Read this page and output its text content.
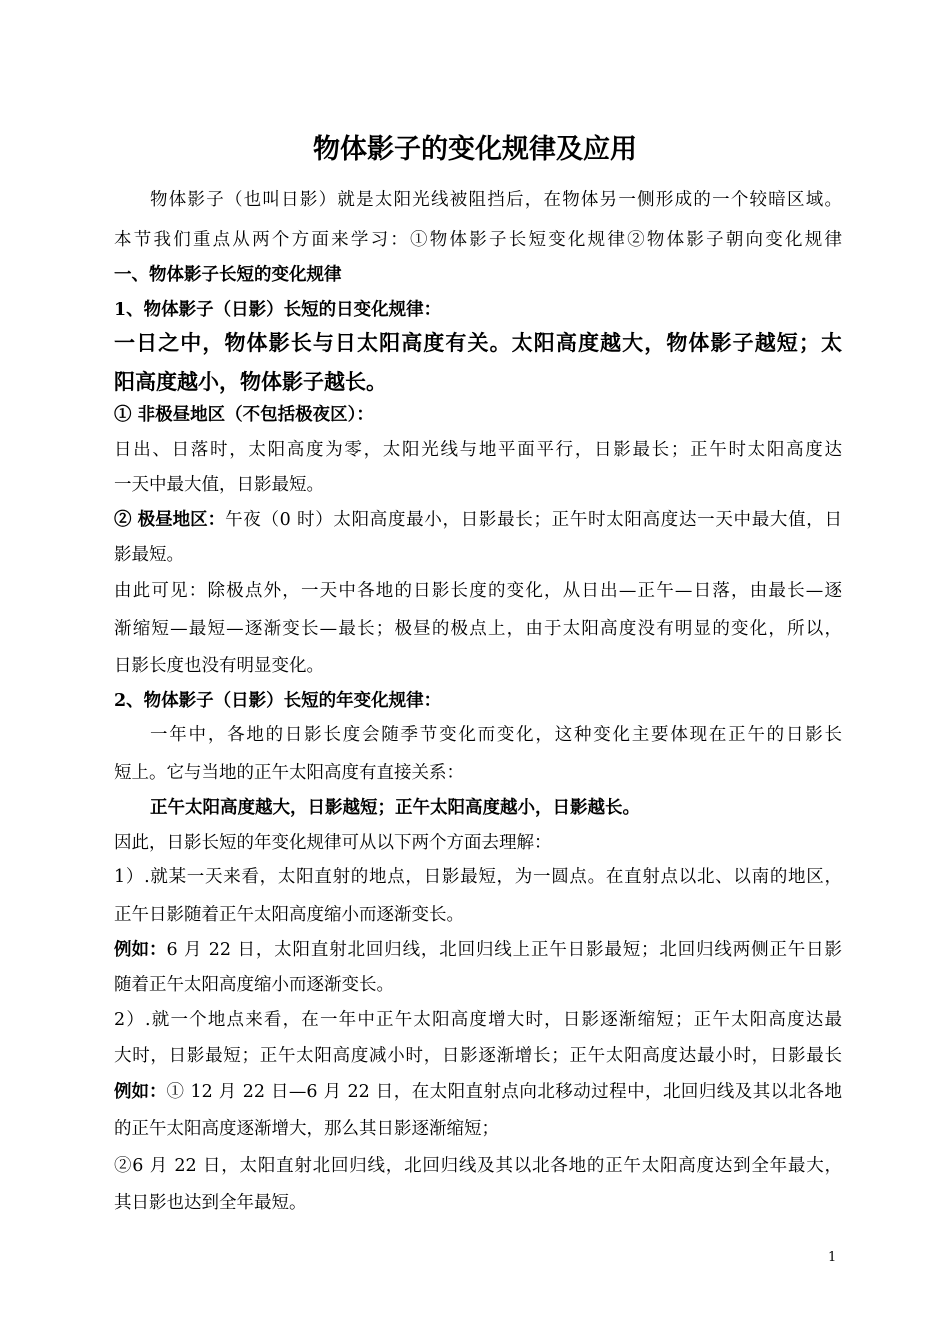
物体影子的变化规律及应用
物体影子（也叫日影）就是太阳光线被阻挡后，在物体另一侧形成的一个较暗区域。
本节我们重点从两个方面来学习：①物体影子长短变化规律②物体影子朝向变化规律
一、物体影子长短的变化规律
1、物体影子（日影）长短的日变化规律：
一日之中，物体影长与日太阳高度有关。太阳高度越大，物体影子越短；太
阳高度越小，物体影子越长。
① 非极昼地区（不包括极夜区）：
日出、日落时，太阳高度为零，太阳光线与地平面平行，日影最长；正午时太阳高度达
一天中最大值，日影最短。
② 极昼地区： 午夜（0 时）太阳高度最小，日影最长；正午时太阳高度达一天中最大值，日
影最短。
由此可见：除极点外，一天中各地的日影长度的变化，从日出—正午—日落，由最长—逐
渐缩短—最短—逐渐变长—最长；极昼的极点上，由于太阳高度没有明显的变化，所以，
日影长度也没有明显变化。
2、物体影子（日影）长短的年变化规律：
一年中，各地的日影长度会随季节变化而变化，这种变化主要体现在正午的日影长
短上。它与当地的正午太阳高度有直接关系：
正午太阳高度越大，日影越短；正午太阳高度越小，日影越长。
因此，日影长短的年变化规律可从以下两个方面去理解：
1）.就某一天来看，太阳直射的地点，日影最短，为一圆点。在直射点以北、以南的地区，
正午日影随着正午太阳高度缩小而逐渐变长。
例如： 6 月 22 日，太阳直射北回归线，北回归线上正午日影最短；北回归线两侧正午日影
随着正午太阳高度缩小而逐渐变长。
2）.就一个地点来看，在一年中正午太阳高度增大时，日影逐渐缩短；正午太阳高度达最
大时，日影最短；正午太阳高度减小时，日影逐渐增长；正午太阳高度达最小时，日影最长
例如： ① 12 月 22 日—6 月 22 日，在太阳直射点向北移动过程中，北回归线及其以北各地
的正午太阳高度逐渐增大，那么其日影逐渐缩短；
②6 月 22 日，太阳直射北回归线，北回归线及其以北各地的正午太阳高度达到全年最大，
其日影也达到全年最短。
1
